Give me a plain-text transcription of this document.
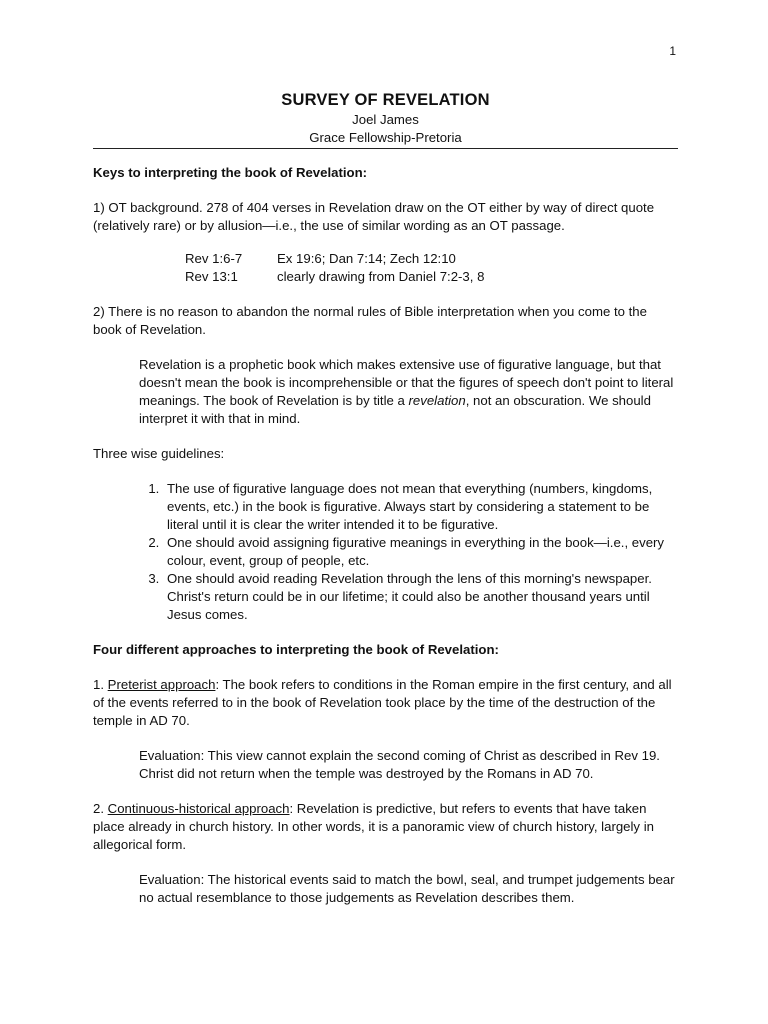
1
SURVEY OF REVELATION
Joel James
Grace Fellowship-Pretoria

Keys to interpreting the book of Revelation:

1) OT background. 278 of 404 verses in Revelation draw on the OT either by way of direct quote (relatively rare) or by allusion—i.e., the use of similar wording as an OT passage.

Rev 1:6-7	Ex 19:6; Dan 7:14; Zech 12:10
Rev 13:1	clearly drawing from Daniel 7:2-3, 8

2) There is no reason to abandon the normal rules of Bible interpretation when you come to the book of Revelation.

Revelation is a prophetic book which makes extensive use of figurative language, but that doesn't mean the book is incomprehensible or that the figures of speech don't point to literal meanings. The book of Revelation is by title a revelation, not an obscuration. We should interpret it with that in mind.

Three wise guidelines:

1. The use of figurative language does not mean that everything (numbers, kingdoms, events, etc.) in the book is figurative. Always start by considering a statement to be literal until it is clear the writer intended it to be figurative.
2. One should avoid assigning figurative meanings in everything in the book—i.e., every colour, event, group of people, etc.
3. One should avoid reading Revelation through the lens of this morning's newspaper. Christ's return could be in our lifetime; it could also be another thousand years until Jesus comes.

Four different approaches to interpreting the book of Revelation:

1. Preterist approach: The book refers to conditions in the Roman empire in the first century, and all of the events referred to in the book of Revelation took place by the time of the destruction of the temple in AD 70.

Evaluation: This view cannot explain the second coming of Christ as described in Rev 19. Christ did not return when the temple was destroyed by the Romans in AD 70.

2. Continuous-historical approach: Revelation is predictive, but refers to events that have taken place already in church history. In other words, it is a panoramic view of church history, largely in allegorical form.

Evaluation: The historical events said to match the bowl, seal, and trumpet judgements bear no actual resemblance to those judgements as Revelation describes them.
